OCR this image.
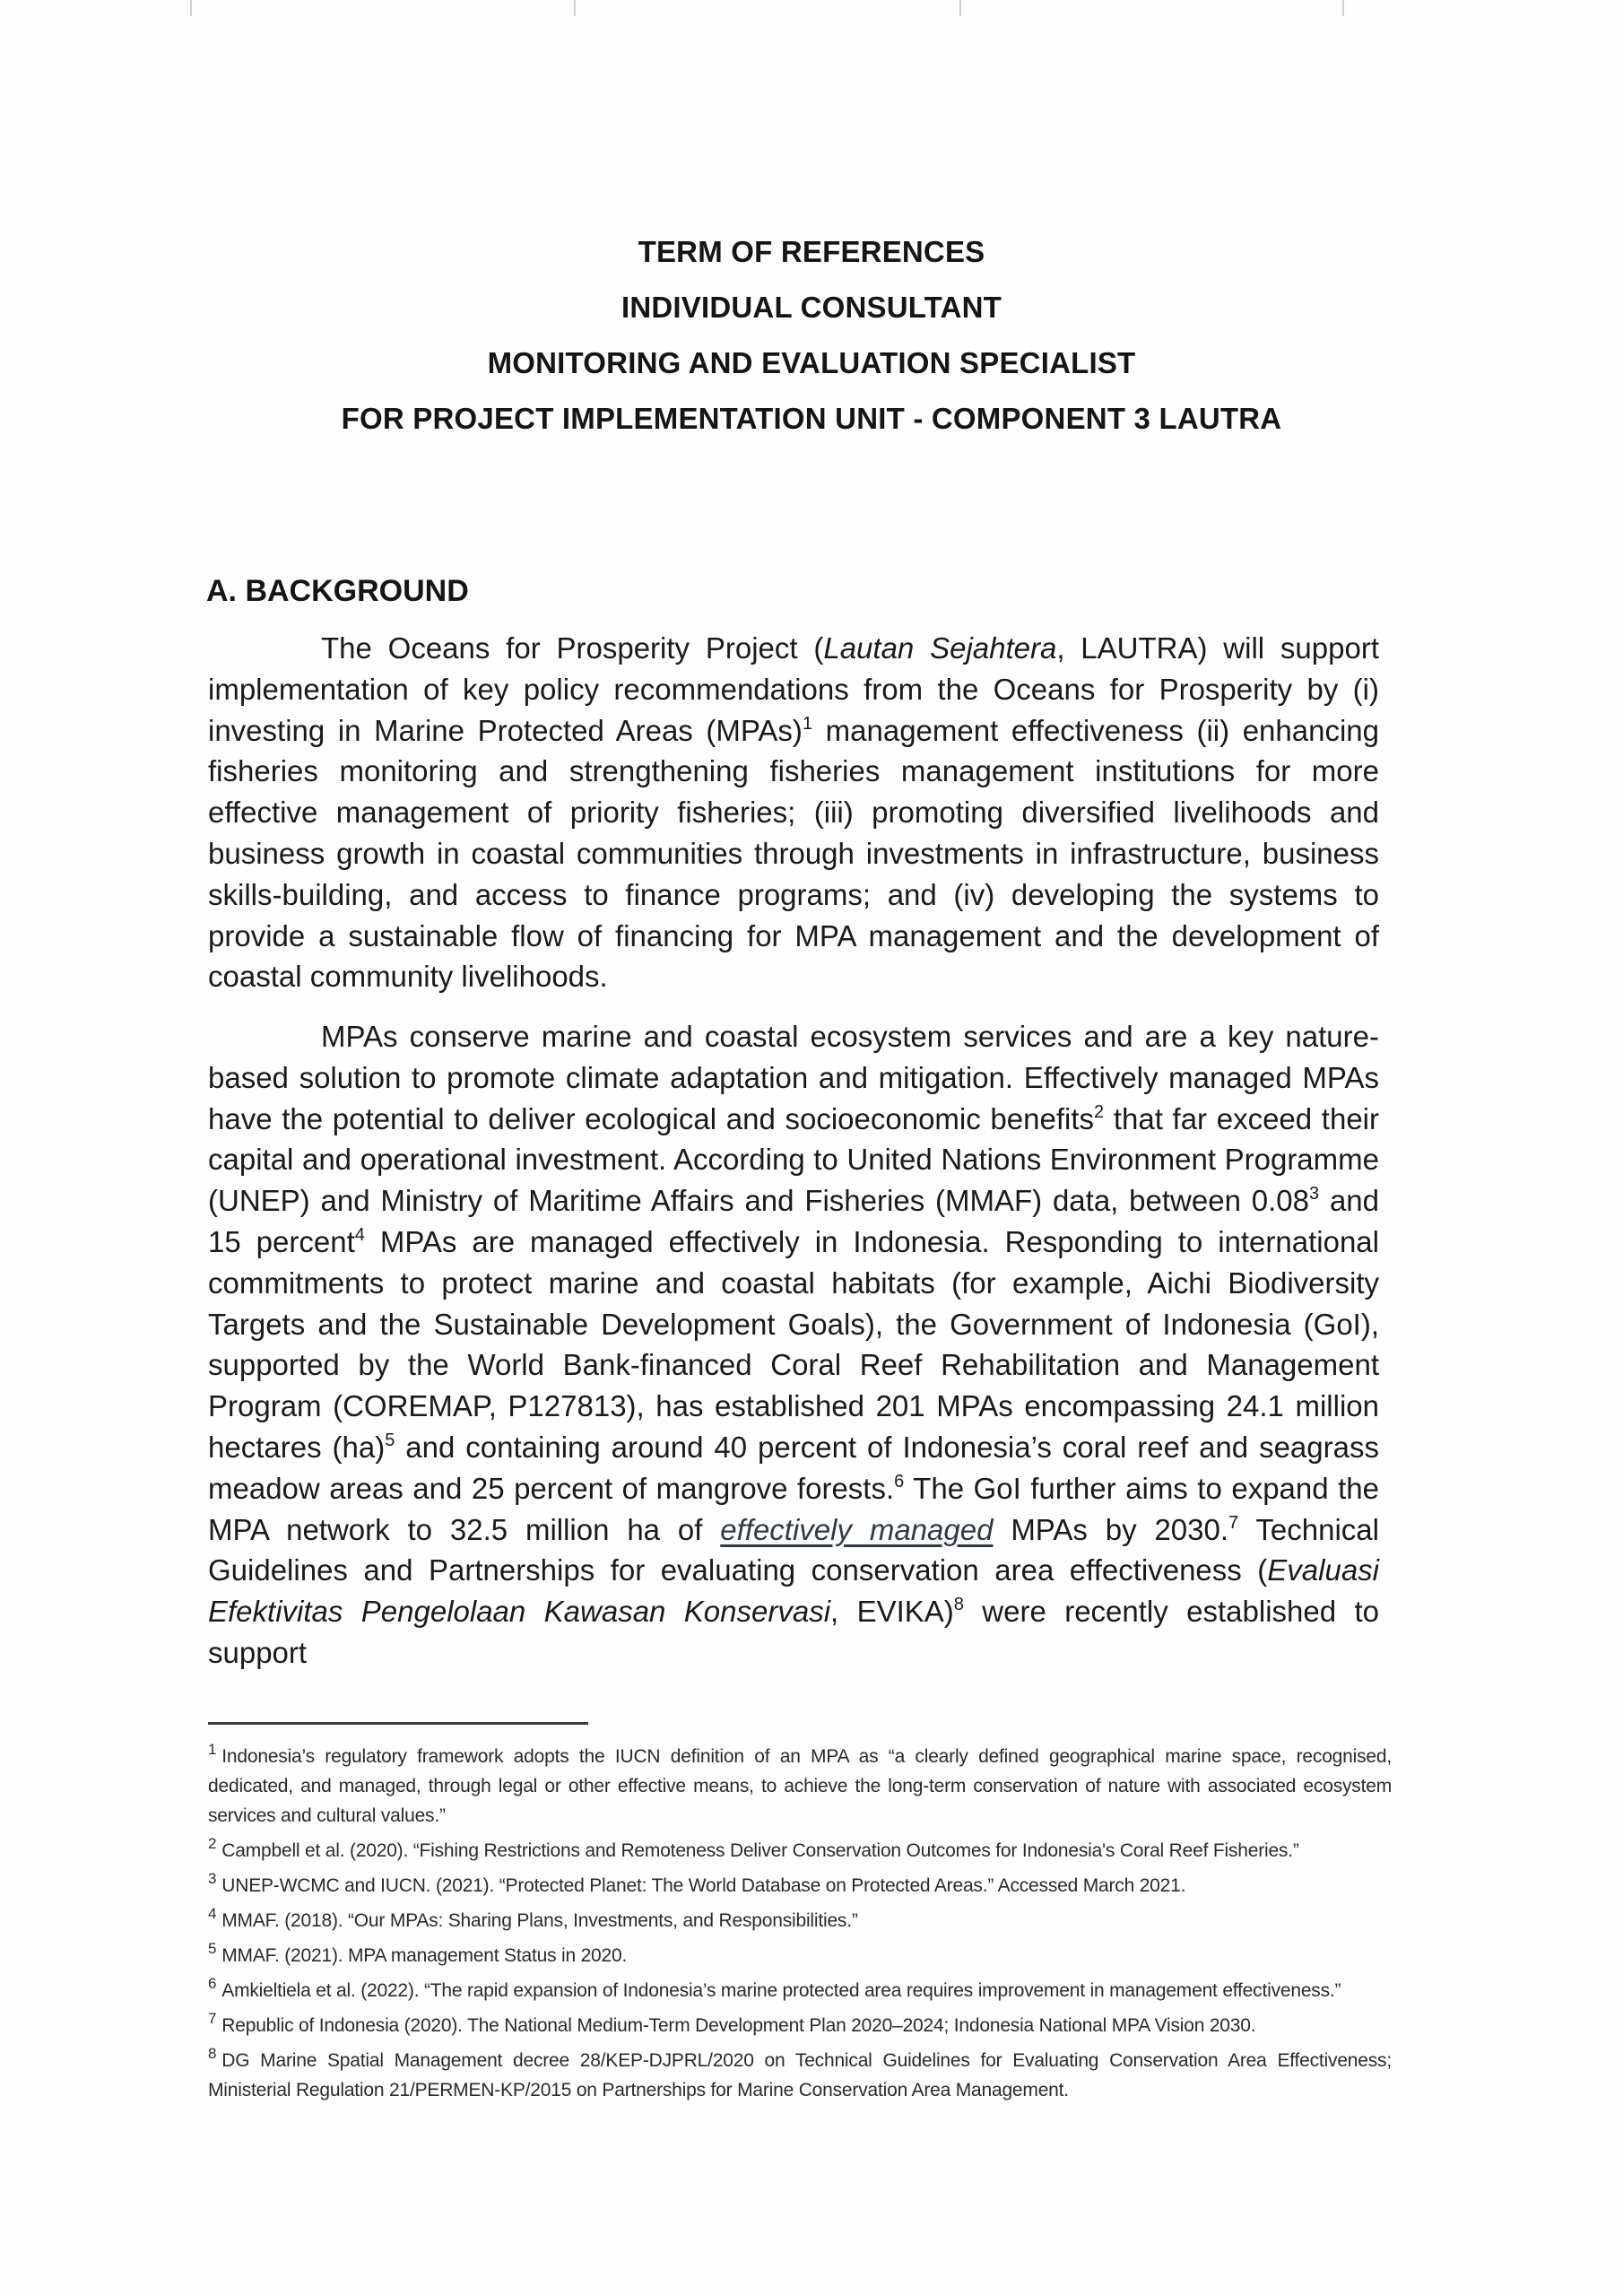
TERM OF REFERENCES
INDIVIDUAL CONSULTANT
MONITORING AND EVALUATION SPECIALIST
FOR PROJECT IMPLEMENTATION UNIT - COMPONENT 3 LAUTRA
A. BACKGROUND

The Oceans for Prosperity Project (Lautan Sejahtera, LAUTRA) will support implementation of key policy recommendations from the Oceans for Prosperity by (i) investing in Marine Protected Areas (MPAs)$^1$ management effectiveness (ii) enhancing fisheries monitoring and strengthening fisheries management institutions for more effective management of priority fisheries; (iii) promoting diversified livelihoods and business growth in coastal communities through investments in infrastructure, business skills-building, and access to finance programs; and (iv) developing the systems to provide a sustainable flow of financing for MPA management and the development of coastal community livelihoods.

MPAs conserve marine and coastal ecosystem services and are a key nature-based solution to promote climate adaptation and mitigation. Effectively managed MPAs have the potential to deliver ecological and socioeconomic benefits$^2$ that far exceed their capital and operational investment. According to United Nations Environment Programme (UNEP) and Ministry of Maritime Affairs and Fisheries (MMAF) data, between 0.08$^3$ and 15 percent$^4$ MPAs are managed effectively in Indonesia. Responding to international commitments to protect marine and coastal habitats (for example, Aichi Biodiversity Targets and the Sustainable Development Goals), the Government of Indonesia (GoI), supported by the World Bank-financed Coral Reef Rehabilitation and Management Program (COREMAP, P127813), has established 201 MPAs encompassing 24.1 million hectares (ha)$^5$ and containing around 40 percent of Indonesia’s coral reef and seagrass meadow areas and 25 percent of mangrove forests.$^6$ The GoI further aims to expand the MPA network to 32.5 million ha of effectively managed MPAs by 2030.$^7$ Technical Guidelines and Partnerships for evaluating conservation area effectiveness (Evaluasi Efektivitas Pengelolaan Kawasan Konservasi, EVIKA)$^8$ were recently established to support

$^1$ Indonesia’s regulatory framework adopts the IUCN definition of an MPA as “a clearly defined geographical marine space, recognised, dedicated, and managed, through legal or other effective means, to achieve the long-term conservation of nature with associated ecosystem services and cultural values.”
$^2$ Campbell et al. (2020). “Fishing Restrictions and Remoteness Deliver Conservation Outcomes for Indonesia's Coral Reef Fisheries.”
$^3$ UNEP-WCMC and IUCN. (2021). “Protected Planet: The World Database on Protected Areas.” Accessed March 2021.
$^4$ MMAF. (2018). “Our MPAs: Sharing Plans, Investments, and Responsibilities.”
$^5$ MMAF. (2021). MPA management Status in 2020.
$^6$ Amkieltiela et al. (2022). “The rapid expansion of Indonesia’s marine protected area requires improvement in management effectiveness.”
$^7$ Republic of Indonesia (2020). The National Medium-Term Development Plan 2020–2024; Indonesia National MPA Vision 2030.
$^8$ DG Marine Spatial Management decree 28/KEP-DJPRL/2020 on Technical Guidelines for Evaluating Conservation Area Effectiveness; Ministerial Regulation 21/PERMEN-KP/2015 on Partnerships for Marine Conservation Area Management.
